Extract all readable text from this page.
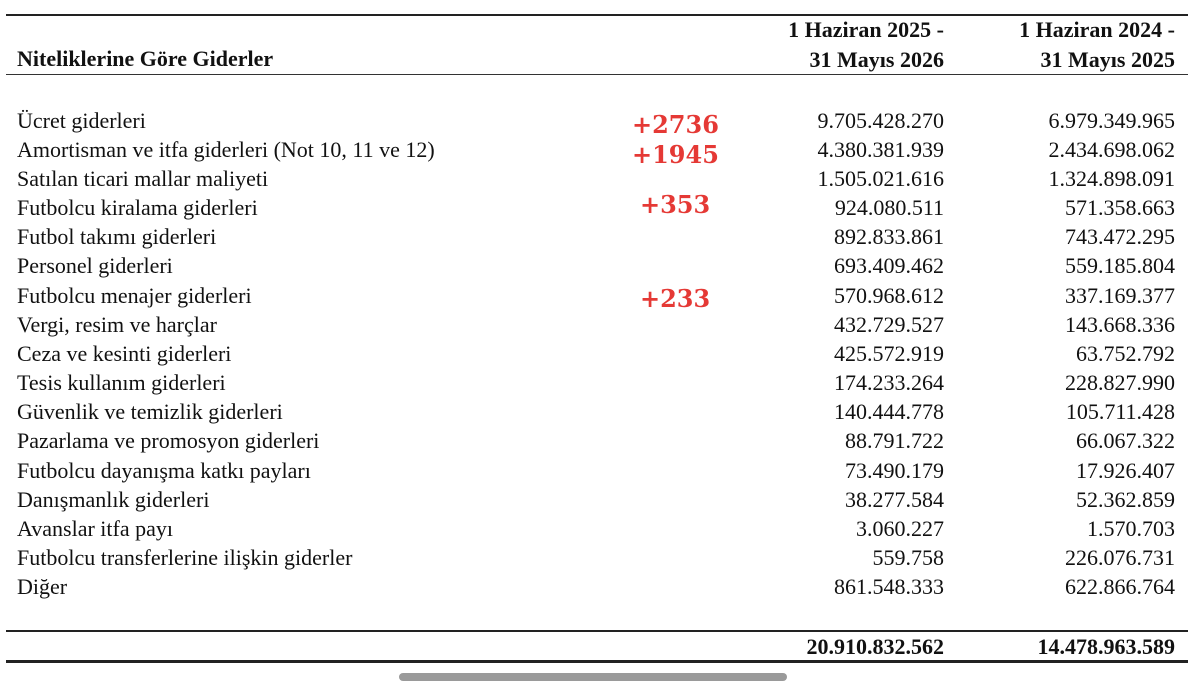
Niteliklerine Göre Giderler
1 Haziran 2025 -
31 Mayıs 2026
1 Haziran 2024 -
31 Mayıs 2025
Ücret giderleri	9.705.428.270	6.979.349.965
Amortisman ve itfa giderleri (Not 10, 11 ve 12)	4.380.381.939	2.434.698.062
Satılan ticari mallar maliyeti	1.505.021.616	1.324.898.091
Futbolcu kiralama giderleri	924.080.511	571.358.663
Futbol takımı giderleri	892.833.861	743.472.295
Personel giderleri	693.409.462	559.185.804
Futbolcu menajer giderleri	570.968.612	337.169.377
Vergi, resim ve harçlar	432.729.527	143.668.336
Ceza ve kesinti giderleri	425.572.919	63.752.792
Tesis kullanım giderleri	174.233.264	228.827.990
Güvenlik ve temizlik giderleri	140.444.778	105.711.428
Pazarlama ve promosyon giderleri	88.791.722	66.067.322
Futbolcu dayanışma katkı payları	73.490.179	17.926.407
Danışmanlık giderleri	38.277.584	52.362.859
Avanslar itfa payı	3.060.227	1.570.703
Futbolcu transferlerine ilişkin giderler	559.758	226.076.731
Diğer	861.548.333	622.866.764
+2736
+1945
+353
+233
20.910.832.562	14.478.963.589
